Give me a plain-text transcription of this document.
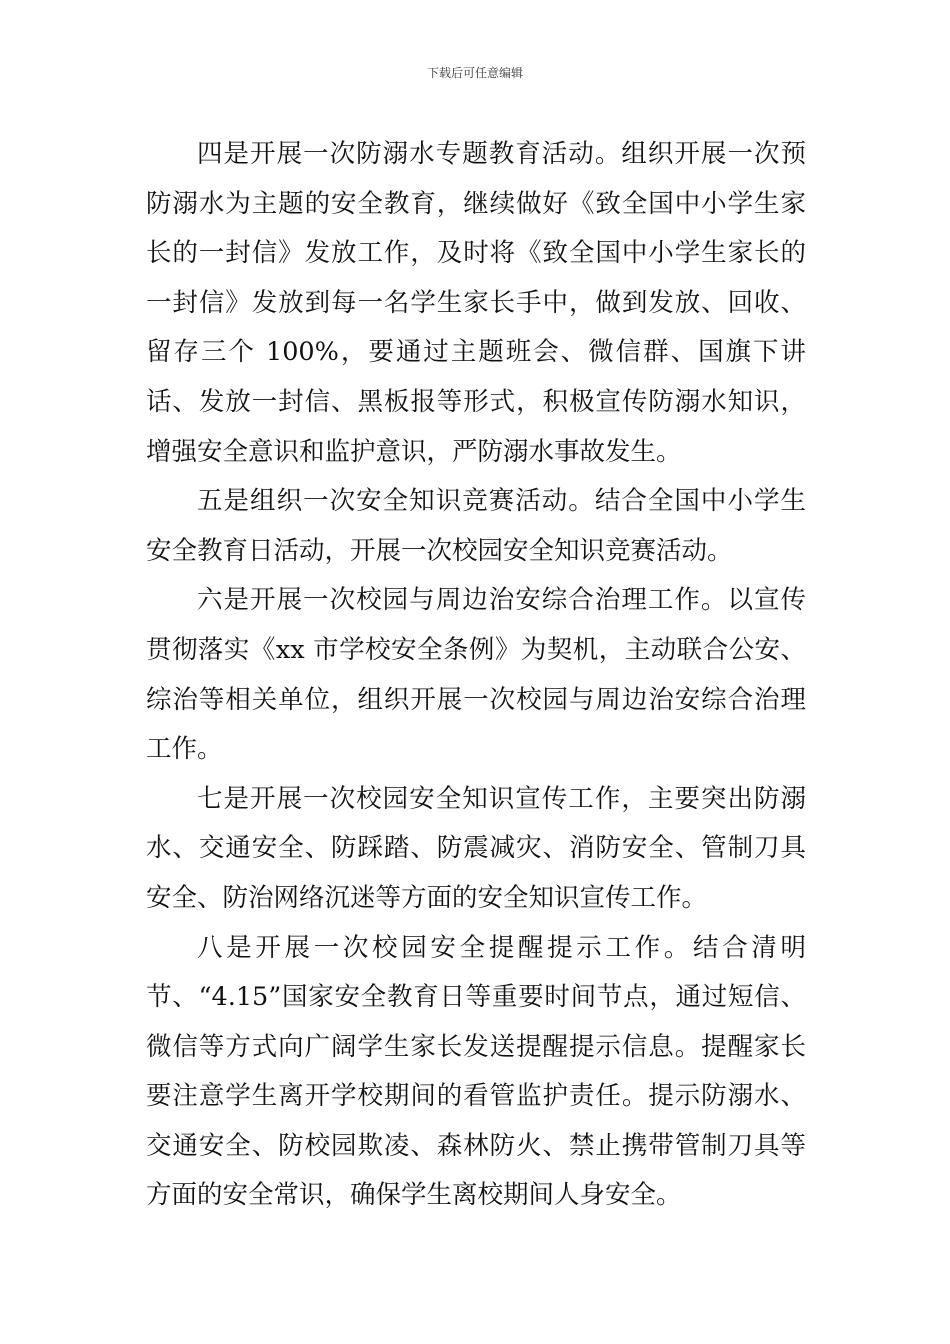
下载后可任意编辑

四是开展一次防溺水专题教育活动。组织开展一次预防溺水为主题的安全教育，继续做好《致全国中小学生家长的一封信》发放工作，及时将《致全国中小学生家长的一封信》发放到每一名学生家长手中，做到发放、回收、留存三个 100%，要通过主题班会、微信群、国旗下讲话、发放一封信、黑板报等形式，积极宣传防溺水知识，增强安全意识和监护意识，严防溺水事故发生。

五是组织一次安全知识竞赛活动。结合全国中小学生安全教育日活动，开展一次校园安全知识竞赛活动。

六是开展一次校园与周边治安综合治理工作。以宣传贯彻落实《xx 市学校安全条例》为契机，主动联合公安、综治等相关单位，组织开展一次校园与周边治安综合治理工作。

七是开展一次校园安全知识宣传工作，主要突出防溺水、交通安全、防踩踏、防震减灾、消防安全、管制刀具安全、防治网络沉迷等方面的安全知识宣传工作。

八是开展一次校园安全提醒提示工作。结合清明节、“4.15”国家安全教育日等重要时间节点，通过短信、微信等方式向广阔学生家长发送提醒提示信息。提醒家长要注意学生离开学校期间的看管监护责任。提示防溺水、交通安全、防校园欺凌、森林防火、禁止携带管制刀具等方面的安全常识，确保学生离校期间人身安全。
